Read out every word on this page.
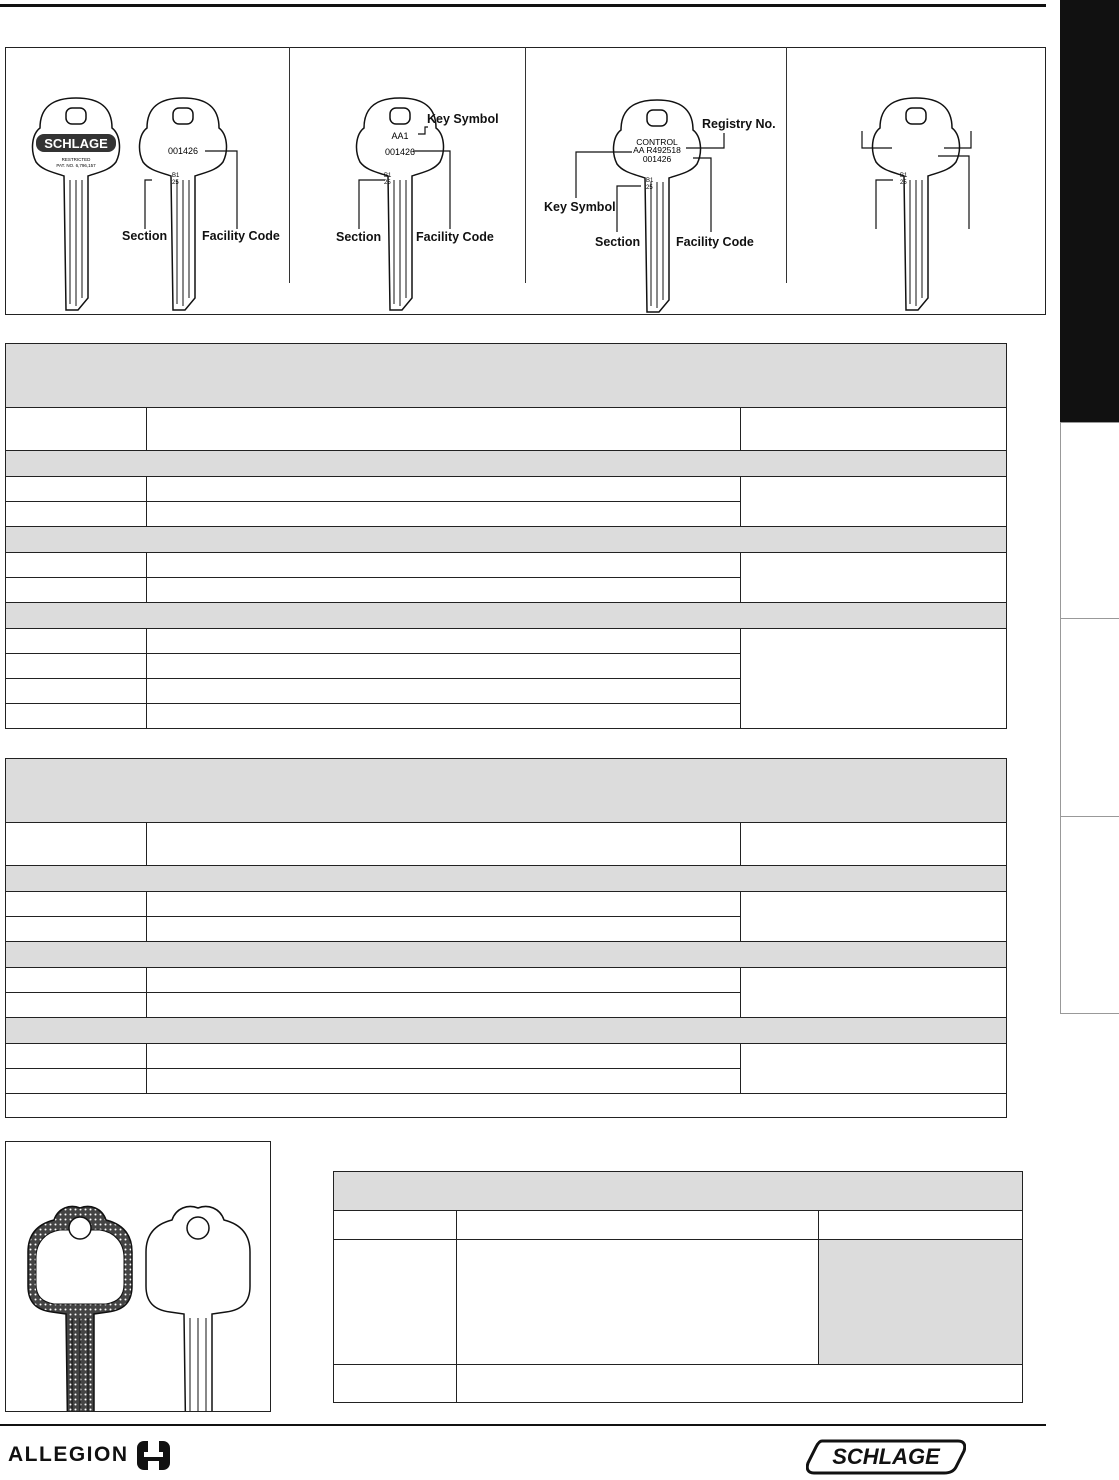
SCHLAGE
RESTRICTED
PAT. NO. 6,796,157
001426
B1
25
AA1
001426
B1
25
CONTROL
AA R492518
001426
B1
25
B1
25
Section	Facility Code
Key Symbol
Section	Facility Code
Registry No.
Key Symbol
Section	Facility Code

ALLEGION	SCHLAGE
